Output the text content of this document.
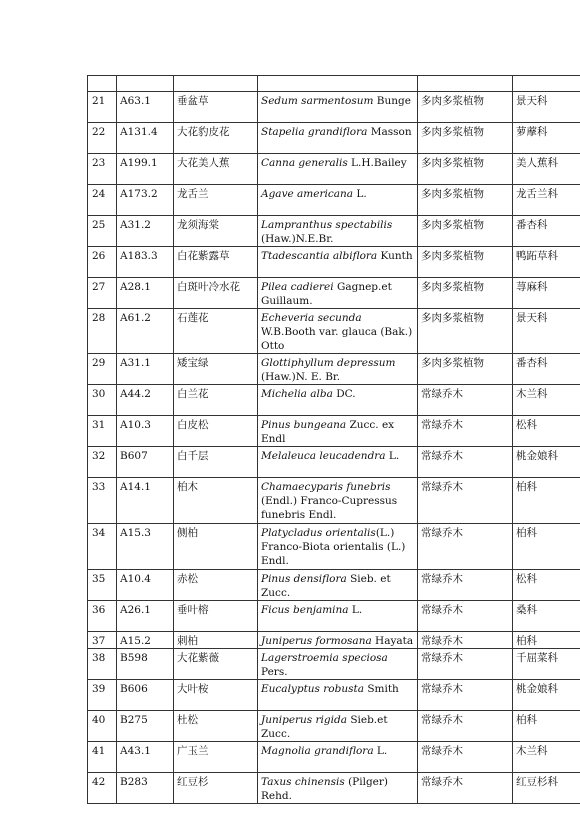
21	A63.1	垂盆草	Sedum sarmentosum Bunge	多肉多浆植物	景天科
22	A131.4	大花豹皮花	Stapelia grandiflora Masson	多肉多浆植物	萝藦科
23	A199.1	大花美人蕉	Canna generalis L.H.Bailey	多肉多浆植物	美人蕉科
24	A173.2	龙舌兰	Agave americana L.	多肉多浆植物	龙舌兰科
25	A31.2	龙须海棠	Lampranthus spectabilis (Haw.)N.E.Br.	多肉多浆植物	番杏科
26	A183.3	白花紫露草	Ttadescantia albiflora Kunth	多肉多浆植物	鸭跖草科
27	A28.1	白斑叶冷水花	Pilea cadierei Gagnep.et Guillaum.	多肉多浆植物	荨麻科
28	A61.2	石莲花	Echeveria secunda W.B.Booth var. glauca (Bak.) Otto	多肉多浆植物	景天科
29	A31.1	矮宝绿	Glottiphyllum depressum (Haw.)N. E. Br.	多肉多浆植物	番杏科
30	A44.2	白兰花	Michelia alba DC.	常绿乔木	木兰科
31	A10.3	白皮松	Pinus bungeana Zucc. ex Endl	常绿乔木	松科
32	B607	白千层	Melaleuca leucadendra L.	常绿乔木	桃金娘科
33	A14.1	柏木	Chamaecyparis funebris (Endl.) Franco-Cupressus funebris Endl.	常绿乔木	柏科
34	A15.3	侧柏	Platycladus orientalis(L.) Franco-Biota orientalis (L.) Endl.	常绿乔木	柏科
35	A10.4	赤松	Pinus densiflora Sieb. et Zucc.	常绿乔木	松科
36	A26.1	垂叶榕	Ficus benjamina L.	常绿乔木	桑科
37	A15.2	刺柏	Juniperus formosana Hayata	常绿乔木	柏科
38	B598	大花紫薇	Lagerstroemia speciosa Pers.	常绿乔木	千屈菜科
39	B606	大叶桉	Eucalyptus robusta Smith	常绿乔木	桃金娘科
40	B275	杜松	Juniperus rigida Sieb.et Zucc.	常绿乔木	柏科
41	A43.1	广玉兰	Magnolia grandiflora L.	常绿乔木	木兰科
42	B283	红豆杉	Taxus chinensis (Pilger) Rehd.	常绿乔木	红豆杉科
